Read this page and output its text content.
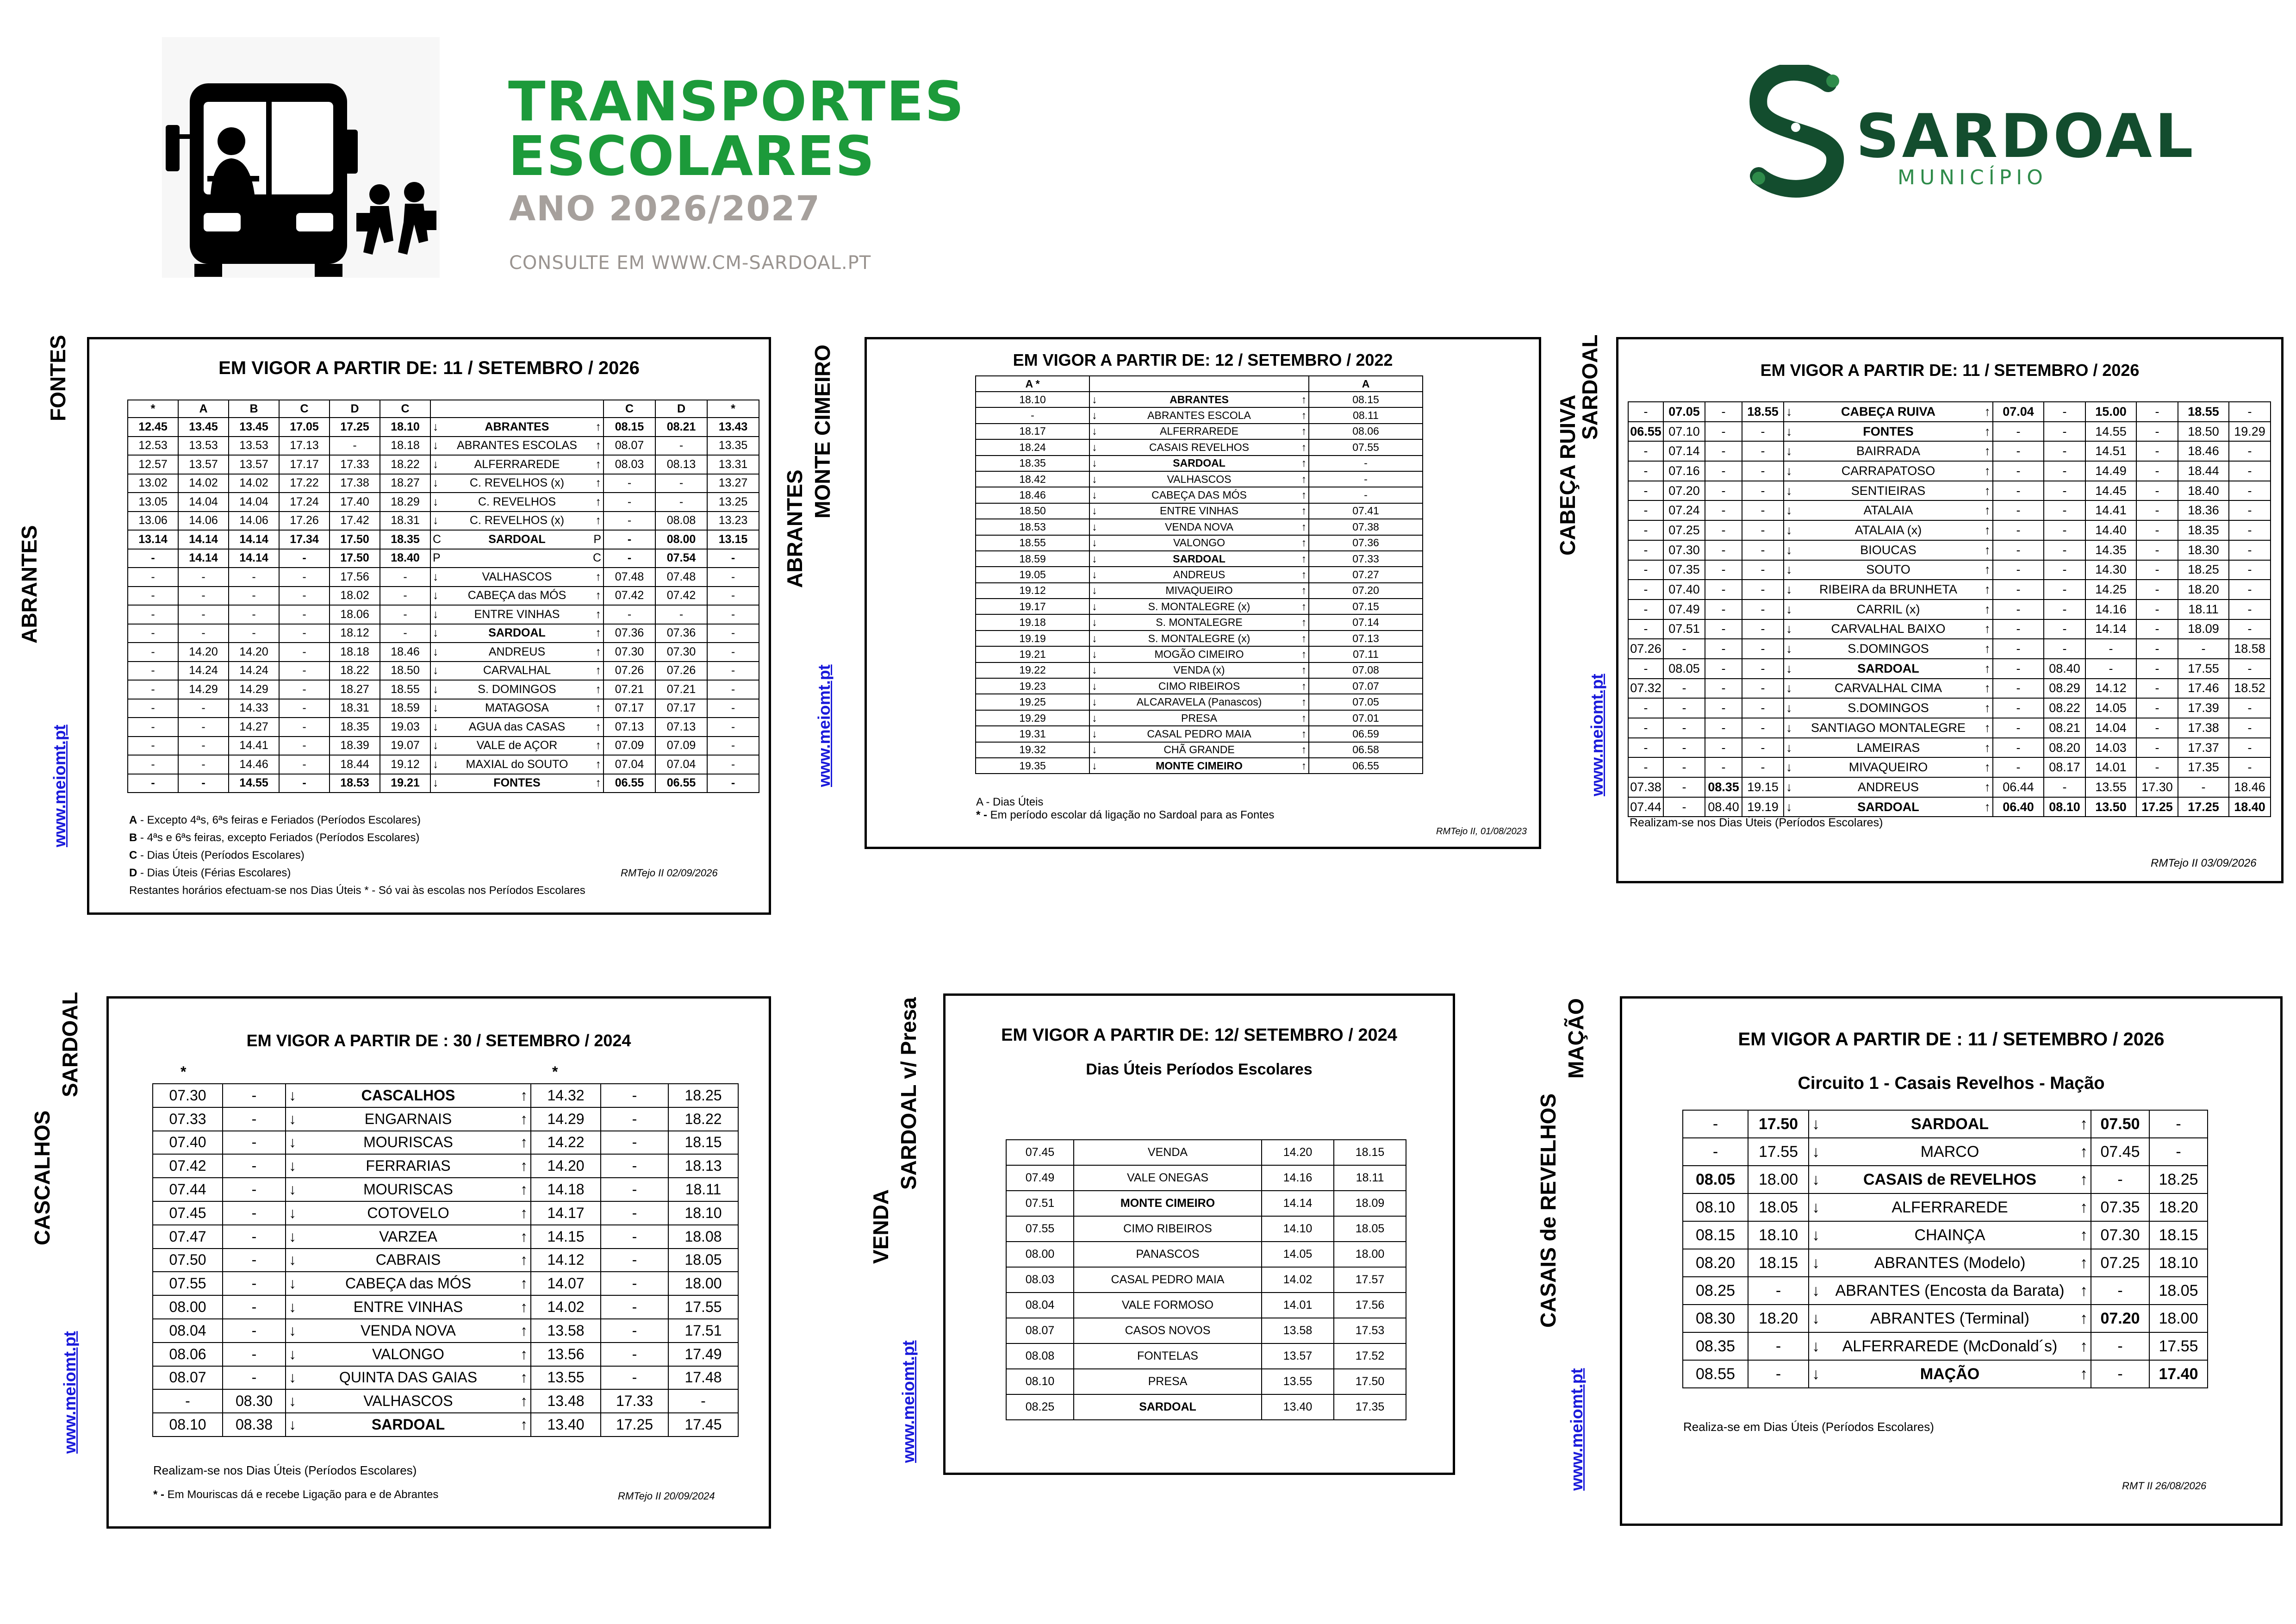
TRANSPORTES
ESCOLARES
ANO 2026/2027
CONSULTE EM WWW.CM-SARDOAL.PT
SARDOAL
MUNICÍPIO
FONTES
ABRANTES
www.meiomt.pt
EM VIGOR A PARTIR DE: 11 / SETEMBRO / 2026
*	A	B	C	D	C				C	D	*
12.45	13.45	13.45	17.05	17.25	18.10	↓	ABRANTES	↑	08.15	08.21	13.43
12.53	13.53	13.53	17.13	-	18.18	↓	ABRANTES ESCOLAS	↑	08.07	-	13.35
12.57	13.57	13.57	17.17	17.33	18.22	↓	ALFERRAREDE	↑	08.03	08.13	13.31
13.02	14.02	14.02	17.22	17.38	18.27	↓	C. REVELHOS (x)	↑	-	-	13.27
13.05	14.04	14.04	17.24	17.40	18.29	↓	C. REVELHOS	↑	-	-	13.25
13.06	14.06	14.06	17.26	17.42	18.31	↓	C. REVELHOS (x)	↑	-	08.08	13.23
13.14	14.14	14.14	17.34	17.50	18.35	C	SARDOAL	P	-	08.00	13.15
-	14.14	14.14	-	17.50	18.40	P		C	-	07.54	-
-	-	-	-	17.56	-	↓	VALHASCOS	↑	07.48	07.48	-
-	-	-	-	18.02	-	↓	CABEÇA das MÓS	↑	07.42	07.42	-
-	-	-	-	18.06	-	↓	ENTRE VINHAS	↑	-	-	-
-	-	-	-	18.12	-	↓	SARDOAL	↑	07.36	07.36	-
-	14.20	14.20	-	18.18	18.46	↓	ANDREUS	↑	07.30	07.30	-
-	14.24	14.24	-	18.22	18.50	↓	CARVALHAL	↑	07.26	07.26	-
-	14.29	14.29	-	18.27	18.55	↓	S. DOMINGOS	↑	07.21	07.21	-
-	-	14.33	-	18.31	18.59	↓	MATAGOSA	↑	07.17	07.17	-
-	-	14.27	-	18.35	19.03	↓	AGUA das CASAS	↑	07.13	07.13	-
-	-	14.41	-	18.39	19.07	↓	VALE de AÇOR	↑	07.09	07.09	-
-	-	14.46	-	18.44	19.12	↓	MAXIAL do SOUTO	↑	07.04	07.04	-
-	-	14.55	-	18.53	19.21	↓	FONTES	↑	06.55	06.55	-
A - Excepto 4ªs, 6ªs feiras e Feriados (Períodos Escolares)
B - 4ªs e 6ªs feiras, excepto Feriados (Períodos Escolares)
C - Dias Úteis (Períodos Escolares)
D - Dias Úteis (Férias Escolares)
Restantes horários efectuam-se nos Dias Úteis * - Só vai às escolas nos Períodos Escolares
RMTejo II 02/09/2026
MONTE CIMEIRO
ABRANTES
www.meiomt.pt
EM VIGOR A PARTIR DE: 12 / SETEMBRO / 2022
A *				A
18.10	↓	ABRANTES	↑	08.15
-	↓	ABRANTES ESCOLA	↑	08.11
18.17	↓	ALFERRAREDE	↑	08.06
18.24	↓	CASAIS REVELHOS	↑	07.55
18.35	↓	SARDOAL	↑	-
18.42	↓	VALHASCOS	↑	-
18.46	↓	CABEÇA DAS MÓS	↑	-
18.50	↓	ENTRE VINHAS	↑	07.41
18.53	↓	VENDA NOVA	↑	07.38
18.55	↓	VALONGO	↑	07.36
18.59	↓	SARDOAL	↑	07.33
19.05	↓	ANDREUS	↑	07.27
19.12	↓	MIVAQUEIRO	↑	07.20
19.17	↓	S. MONTALEGRE (x)	↑	07.15
19.18	↓	S. MONTALEGRE	↑	07.14
19.19	↓	S. MONTALEGRE (x)	↑	07.13
19.21	↓	MOGÃO CIMEIRO	↑	07.11
19.22	↓	VENDA (x)	↑	07.08
19.23	↓	CIMO RIBEIROS	↑	07.07
19.25	↓	ALCARAVELA (Panascos)	↑	07.05
19.29	↓	PRESA	↑	07.01
19.31	↓	CASAL PEDRO MAIA	↑	06.59
19.32	↓	CHÃ GRANDE	↑	06.58
19.35	↓	MONTE CIMEIRO	↑	06.55
A - Dias Úteis
* - Em período escolar dá ligação no Sardoal para as Fontes
RMTejo II, 01/08/2023
SARDOAL
CABEÇA RUIVA
www.meiomt.pt
EM VIGOR A PARTIR DE: 11 / SETEMBRO / 2026
-	07.05	-	18.55	↓	CABEÇA RUIVA	↑	07.04	-	15.00	-	18.55	-
06.55	07.10	-	-	↓	FONTES	↑	-	-	14.55	-	18.50	19.29
-	07.14	-	-	↓	BAIRRADA	↑	-	-	14.51	-	18.46	-
-	07.16	-	-	↓	CARRAPATOSO	↑	-	-	14.49	-	18.44	-
-	07.20	-	-	↓	SENTIEIRAS	↑	-	-	14.45	-	18.40	-
-	07.24	-	-	↓	ATALAIA	↑	-	-	14.41	-	18.36	-
-	07.25	-	-	↓	ATALAIA (x)	↑	-	-	14.40	-	18.35	-
-	07.30	-	-	↓	BIOUCAS	↑	-	-	14.35	-	18.30	-
-	07.35	-	-	↓	SOUTO	↑	-	-	14.30	-	18.25	-
-	07.40	-	-	↓	RIBEIRA da BRUNHETA	↑	-	-	14.25	-	18.20	-
-	07.49	-	-	↓	CARRIL (x)	↑	-	-	14.16	-	18.11	-
-	07.51	-	-	↓	CARVALHAL BAIXO	↑	-	-	14.14	-	18.09	-
07.26	-	-	-	↓	S.DOMINGOS	↑	-	-	-	-	-	18.58
-	08.05	-	-	↓	SARDOAL	↑	-	08.40	-	-	17.55	-
07.32	-	-	-	↓	CARVALHAL CIMA	↑	-	08.29	14.12	-	17.46	18.52
-	-	-	-	↓	S.DOMINGOS	↑	-	08.22	14.05	-	17.39	-
-	-	-	-	↓	SANTIAGO MONTALEGRE	↑	-	08.21	14.04	-	17.38	-
-	-	-	-	↓	LAMEIRAS	↑	-	08.20	14.03	-	17.37	-
-	-	-	-	↓	MIVAQUEIRO	↑	-	08.17	14.01	-	17.35	-
07.38	-	08.35	19.15	↓	ANDREUS	↑	06.44	-	13.55	17.30	-	18.46
07.44	-	08.40	19.19	↓	SARDOAL	↑	06.40	08.10	13.50	17.25	17.25	18.40
Realizam-se nos Dias Úteis (Períodos Escolares)
RMTejo II 03/09/2026
SARDOAL
CASCALHOS
www.meiomt.pt
EM VIGOR A PARTIR DE : 30 / SETEMBRO / 2024
*	*
07.30	-	↓	CASCALHOS	↑	14.32	-	18.25
07.33	-	↓	ENGARNAIS	↑	14.29	-	18.22
07.40	-	↓	MOURISCAS	↑	14.22	-	18.15
07.42	-	↓	FERRARIAS	↑	14.20	-	18.13
07.44	-	↓	MOURISCAS	↑	14.18	-	18.11
07.45	-	↓	COTOVELO	↑	14.17	-	18.10
07.47	-	↓	VARZEA	↑	14.15	-	18.08
07.50	-	↓	CABRAIS	↑	14.12	-	18.05
07.55	-	↓	CABEÇA das MÓS	↑	14.07	-	18.00
08.00	-	↓	ENTRE VINHAS	↑	14.02	-	17.55
08.04	-	↓	VENDA NOVA	↑	13.58	-	17.51
08.06	-	↓	VALONGO	↑	13.56	-	17.49
08.07	-	↓	QUINTA DAS GAIAS	↑	13.55	-	17.48
-	08.30	↓	VALHASCOS	↑	13.48	17.33	-
08.10	08.38	↓	SARDOAL	↑	13.40	17.25	17.45
Realizam-se nos Dias Úteis (Períodos Escolares)
* - Em Mouriscas dá e recebe Ligação para e de Abrantes	RMTejo II 20/09/2024
SARDOAL v/ Presa
VENDA
www.meiomt.pt
EM VIGOR A PARTIR DE: 12/ SETEMBRO / 2024
Dias Úteis Períodos Escolares
07.45	VENDA	14.20	18.15
07.49	VALE ONEGAS	14.16	18.11
07.51	MONTE CIMEIRO	14.14	18.09
07.55	CIMO RIBEIROS	14.10	18.05
08.00	PANASCOS	14.05	18.00
08.03	CASAL PEDRO MAIA	14.02	17.57
08.04	VALE FORMOSO	14.01	17.56
08.07	CASOS NOVOS	13.58	17.53
08.08	FONTELAS	13.57	17.52
08.10	PRESA	13.55	17.50
08.25	SARDOAL	13.40	17.35
MAÇÃO
CASAIS de REVELHOS
www.meiomt.pt
EM VIGOR A PARTIR DE : 11 / SETEMBRO / 2026
Circuito 1 - Casais Revelhos - Mação
-	17.50	↓	SARDOAL	↑	07.50	-
-	17.55	↓	MARCO	↑	07.45	-
08.05	18.00	↓	CASAIS de REVELHOS	↑	-	18.25
08.10	18.05	↓	ALFERRAREDE	↑	07.35	18.20
08.15	18.10	↓	CHAINÇA	↑	07.30	18.15
08.20	18.15	↓	ABRANTES (Modelo)	↑	07.25	18.10
08.25	-	↓	ABRANTES (Encosta da Barata)	↑	-	18.05
08.30	18.20	↓	ABRANTES (Terminal)	↑	07.20	18.00
08.35	-	↓	ALFERRAREDE (McDonald´s)	↑	-	17.55
08.55	-	↓	MAÇÃO	↑	-	17.40
Realiza-se em Dias Úteis (Períodos Escolares)
RMT II 26/08/2026
